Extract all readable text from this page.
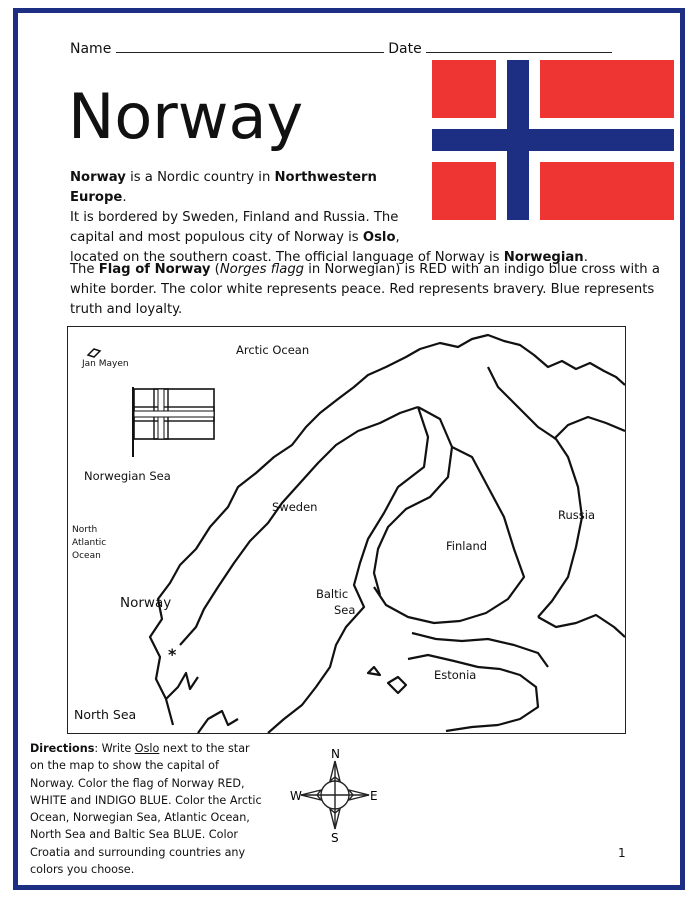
Name	Date
Norway
Norway is a Nordic country in Northwestern Europe.
It is bordered by Sweden, Finland and Russia. The
capital and most populous city of Norway is Oslo,
located on the southern coast. The official language of Norway is Norwegian.
The Flag of Norway (Norges flagg in Norwegian) is RED with an indigo blue cross with a white border. The color white represents peace. Red represents bravery. Blue represents truth and loyalty.
Arctic Ocean
Jan Mayen
Norwegian Sea
North
Atlantic
Ocean
Norway
Sweden
Finland
Russia
Baltic
Sea
Estonia
North Sea
*
Directions: Write Oslo next to the star on the map to show the capital of Norway. Color the flag of Norway RED, WHITE and INDIGO BLUE. Color the Arctic Ocean, Norwegian Sea, Atlantic Ocean, North Sea and Baltic Sea BLUE. Color Croatia and surrounding countries any colors you choose.
N
S
W	E
1
